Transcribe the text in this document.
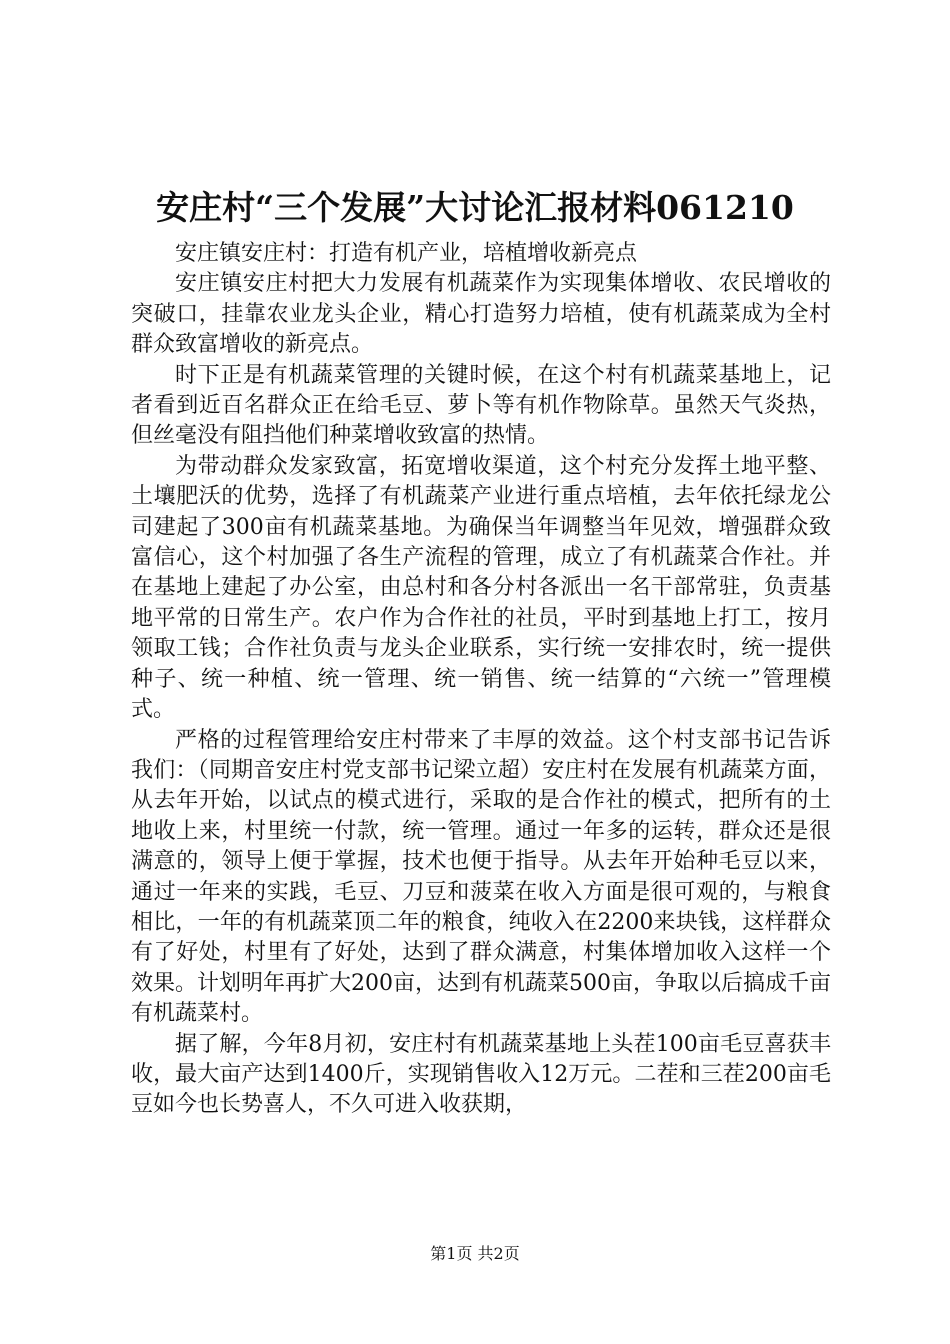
安庄村“三个发展”大讨论汇报材料061210

安庄镇安庄村：打造有机产业，培植增收新亮点

安庄镇安庄村把大力发展有机蔬菜作为实现集体增收、农民增收的突破口，挂靠农业龙头企业，精心打造努力培植，使有机蔬菜成为全村群众致富增收的新亮点。

时下正是有机蔬菜管理的关键时候，在这个村有机蔬菜基地上，记者看到近百名群众正在给毛豆、萝卜等有机作物除草。虽然天气炎热，但丝毫没有阻挡他们种菜增收致富的热情。

为带动群众发家致富，拓宽增收渠道，这个村充分发挥土地平整、土壤肥沃的优势，选择了有机蔬菜产业进行重点培植，去年依托绿龙公司建起了300亩有机蔬菜基地。为确保当年调整当年见效，增强群众致富信心，这个村加强了各生产流程的管理，成立了有机蔬菜合作社。并在基地上建起了办公室，由总村和各分村各派出一名干部常驻，负责基地平常的日常生产。农户作为合作社的社员，平时到基地上打工，按月领取工钱；合作社负责与龙头企业联系，实行统一安排农时，统一提供种子、统一种植、统一管理、统一销售、统一结算的“六统一”管理模式。

严格的过程管理给安庄村带来了丰厚的效益。这个村支部书记告诉我们：（同期音安庄村党支部书记梁立超）安庄村在发展有机蔬菜方面，从去年开始，以试点的模式进行，采取的是合作社的模式，把所有的土地收上来，村里统一付款，统一管理。通过一年多的运转，群众还是很满意的，领导上便于掌握，技术也便于指导。从去年开始种毛豆以来，通过一年来的实践，毛豆、刀豆和菠菜在收入方面是很可观的，与粮食相比，一年的有机蔬菜顶二年的粮食，纯收入在2200来块钱，这样群众有了好处，村里有了好处，达到了群众满意，村集体增加收入这样一个效果。计划明年再扩大200亩，达到有机蔬菜500亩，争取以后搞成千亩有机蔬菜村。

据了解，今年8月初，安庄村有机蔬菜基地上头茬100亩毛豆喜获丰收，最大亩产达到1400斤，实现销售收入12万元。二茬和三茬200亩毛豆如今也长势喜人，不久可进入收获期，

第1页 共2页
